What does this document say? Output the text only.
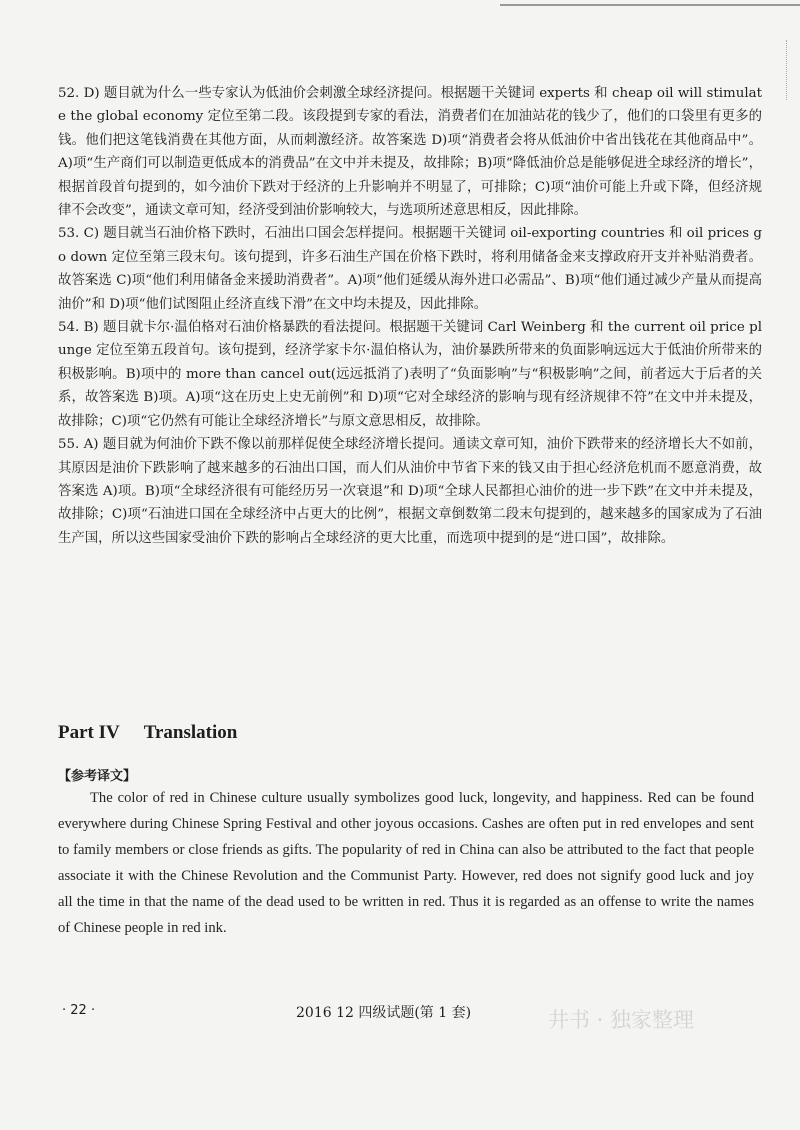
52. D) 题目就为什么一些专家认为低油价会刺激全球经济提问。根据题干关键词 experts 和 cheap oil will stimulate the global economy 定位至第二段。该段提到专家的看法，消费者们在加油站花的钱少了，他们的口袋里有更多的钱。他们把这笔钱消费在其他方面，从而刺激经济。故答案选 D)项“消费者会将从低油价中省出钱花在其他商品中”。A)项“生产商们可以制造更低成本的消费品”在文中并未提及，故排除；B)项“降低油价总是能够促进全球经济的增长”，根据首段首句提到的，如今油价下跌对于经济的上升影响并不明显了，可排除；C)项“油价可能上升或下降，但经济规律不会改变”，通读文章可知，经济受到油价影响较大，与选项所述意思相反，因此排除。

53. C) 题目就当石油价格下跌时，石油出口国会怎样提问。根据题干关键词 oil-exporting countries 和 oil prices go down 定位至第三段末句。该句提到，许多石油生产国在价格下跌时，将利用储备金来支撑政府开支并补贴消费者。故答案选 C)项“他们利用储备金来援助消费者”。A)项“他们延缓从海外进口必需品”、B)项“他们通过减少产量从而提高油价”和 D)项“他们试图阻止经济直线下滑”在文中均未提及，因此排除。

54. B) 题目就卡尔·温伯格对石油价格暴跌的看法提问。根据题干关键词 Carl Weinberg 和 the current oil price plunge 定位至第五段首句。该句提到，经济学家卡尔·温伯格认为，油价暴跌所带来的负面影响远远大于低油价所带来的积极影响。B)项中的 more than cancel out(远远抵消了)表明了“负面影响”与“积极影响”之间，前者远大于后者的关系，故答案选 B)项。A)项“这在历史上史无前例”和 D)项“它对全球经济的影响与现有经济规律不符”在文中并未提及，故排除；C)项“它仍然有可能让全球经济增长”与原文意思相反，故排除。

55. A) 题目就为何油价下跌不像以前那样促使全球经济增长提问。通读文章可知，油价下跌带来的经济增长大不如前，其原因是油价下跌影响了越来越多的石油出口国，而人们从油价中节省下来的钱又由于担心经济危机而不愿意消费，故答案选 A)项。B)项“全球经济很有可能经历另一次衰退”和 D)项“全球人民都担心油价的进一步下跌”在文中并未提及，故排除；C)项“石油进口国在全球经济中占更大的比例”，根据文章倒数第二段末句提到的，越来越多的国家成为了石油生产国，所以这些国家受油价下跌的影响占全球经济的更大比重，而选项中提到的是“进口国”，故排除。

Part IV Translation

【参考译文】

The color of red in Chinese culture usually symbolizes good luck, longevity, and happiness. Red can be found everywhere during Chinese Spring Festival and other joyous occasions. Cashes are often put in red envelopes and sent to family members or close friends as gifts. The popularity of red in China can also be attributed to the fact that people associate it with the Chinese Revolution and the Communist Party. However, red does not signify good luck and joy all the time in that the name of the dead used to be written in red. Thus it is regarded as an offense to write the names of Chinese people in red ink.

· 22 ·	2016 12 四级试题(第 1 套)	井书 · 独家整理
